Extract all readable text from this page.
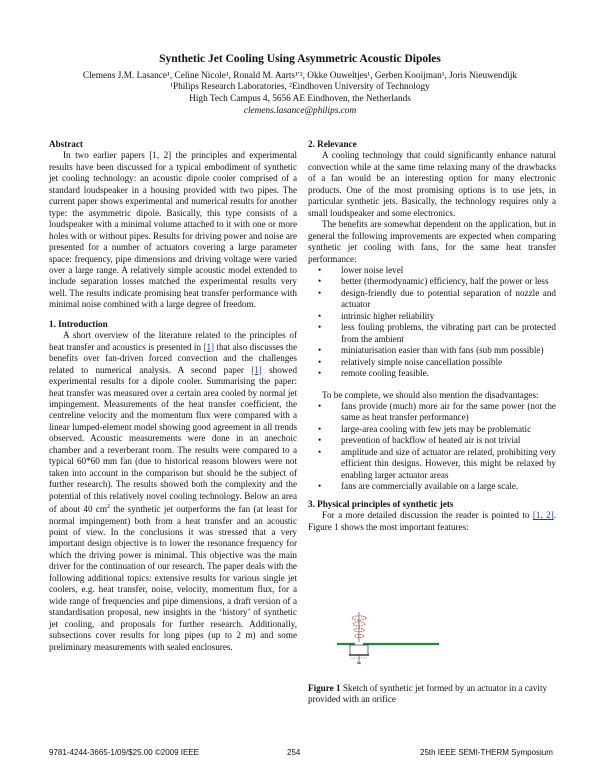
Synthetic Jet Cooling Using Asymmetric Acoustic Dipoles
Clemens J.M. Lasance¹, Celine Nicole¹, Ronald M. Aarts¹ʹ², Okke Ouweltjes¹, Gerben Kooijman¹, Joris Nieuwendijk
¹Philips Research Laboratories, ²Eindhoven University of Technology
High Tech Campus 4, 5656 AE Eindhoven, the Netherlands
clemens.lasance@philips.com

Abstract

In two earlier papers [1, 2] the principles and experimental results have been discussed for a typical embodiment of synthetic jet cooling technology: an acoustic dipole cooler comprised of a standard loudspeaker in a housing provided with two pipes. The current paper shows experimental and numerical results for another type: the asymmetric dipole. Basically, this type consists of a loudspeaker with a minimal volume attached to it with one or more holes with or without pipes. Results for driving power and noise are presented for a number of actuators covering a large parameter space: frequency, pipe dimensions and driving voltage were varied over a large range. A relatively simple acoustic model extended to include separation losses matched the experimental results very well. The results indicate promising heat transfer performance with minimal noise combined with a large degree of freedom.

1. Introduction

A short overview of the literature related to the principles of heat transfer and acoustics is presented in [1] that also discusses the benefits over fan-driven forced convection and the challenges related to numerical analysis. A second paper [1] showed experimental results for a dipole cooler. Summarising the paper: heat transfer was measured over a certain area cooled by normal jet impingement. Measurements of the heat transfer coefficient, the centreline velocity and the momentum flux were compared with a linear lumped-element model showing good agreement in all trends observed. Acoustic measurements were done in an anechoic chamber and a reverberant room. The results were compared to a typical 60*60 mm fan (due to historical reasons blowers were not taken into account in the comparison but should be the subject of further research). The results showed both the complexity and the potential of this relatively novel cooling technology. Below an area of about 40 $cm^2$ the synthetic jet outperforms the fan (at least for normal impingement) both from a heat transfer and an acoustic point of view. In the conclusions it was stressed that a very important design objective is to lower the resonance frequency for which the driving power is minimal. This objective was the main driver for the continuation of our research. The paper deals with the following additional topics: extensive results for various single jet coolers, e.g. heat transfer, noise, velocity, momentum flux, for a wide range of frequencies and pipe dimensions, a draft version of a standardisation proposal, new insights in the ‘history’ of synthetic jet cooling, and proposals for further research. Additionally, subsections cover results for long pipes (up to 2 m) and some preliminary measurements with sealed enclosures.

2. Relevance

A cooling technology that could significantly enhance natural convection while at the same time relaxing many of the drawbacks of a fan would be an interesting option for many electronic products. One of the most promising options is to use jets, in particular synthetic jets. Basically, the technology requires only a small loudspeaker and some electronics.

The benefits are somewhat dependent on the application, but in general the following improvements are expected when comparing synthetic jet cooling with fans, for the same heat transfer performance:

• lower noise level
• better (thermodynamic) efficiency, half the power or less
• design-friendly due to potential separation of nozzle and actuator
• intrinsic higher reliability
• less fouling problems, the vibrating part can be protected from the ambient
• miniaturisation easier than with fans (sub mm possible)
• relatively simple noise cancellation possible
• remote cooling feasible.

To be complete, we should also mention the disadvantages:

• fans provide (much) more air for the same power (not the same as heat transfer performance)
• large-area cooling with few jets may be problematic
• prevention of backflow of heated air is not trivial
• amplitude and size of actuator are related, prohibiting very efficient thin designs. However, this might be relaxed by enabling larger actuator areas
• fans are commercially available on a large scale.

3. Physical principles of synthetic jets

For a more detailed discussion the reader is pointed to [1, 2]. Figure 1 shows the most important features:

Figure 1 Sketch of synthetic jet formed by an actuator in a cavity provided with an orifice
9781-4244-3665-1/09/$25.00 ©2009 IEEE	254	25th IEEE SEMI-THERM Symposium
